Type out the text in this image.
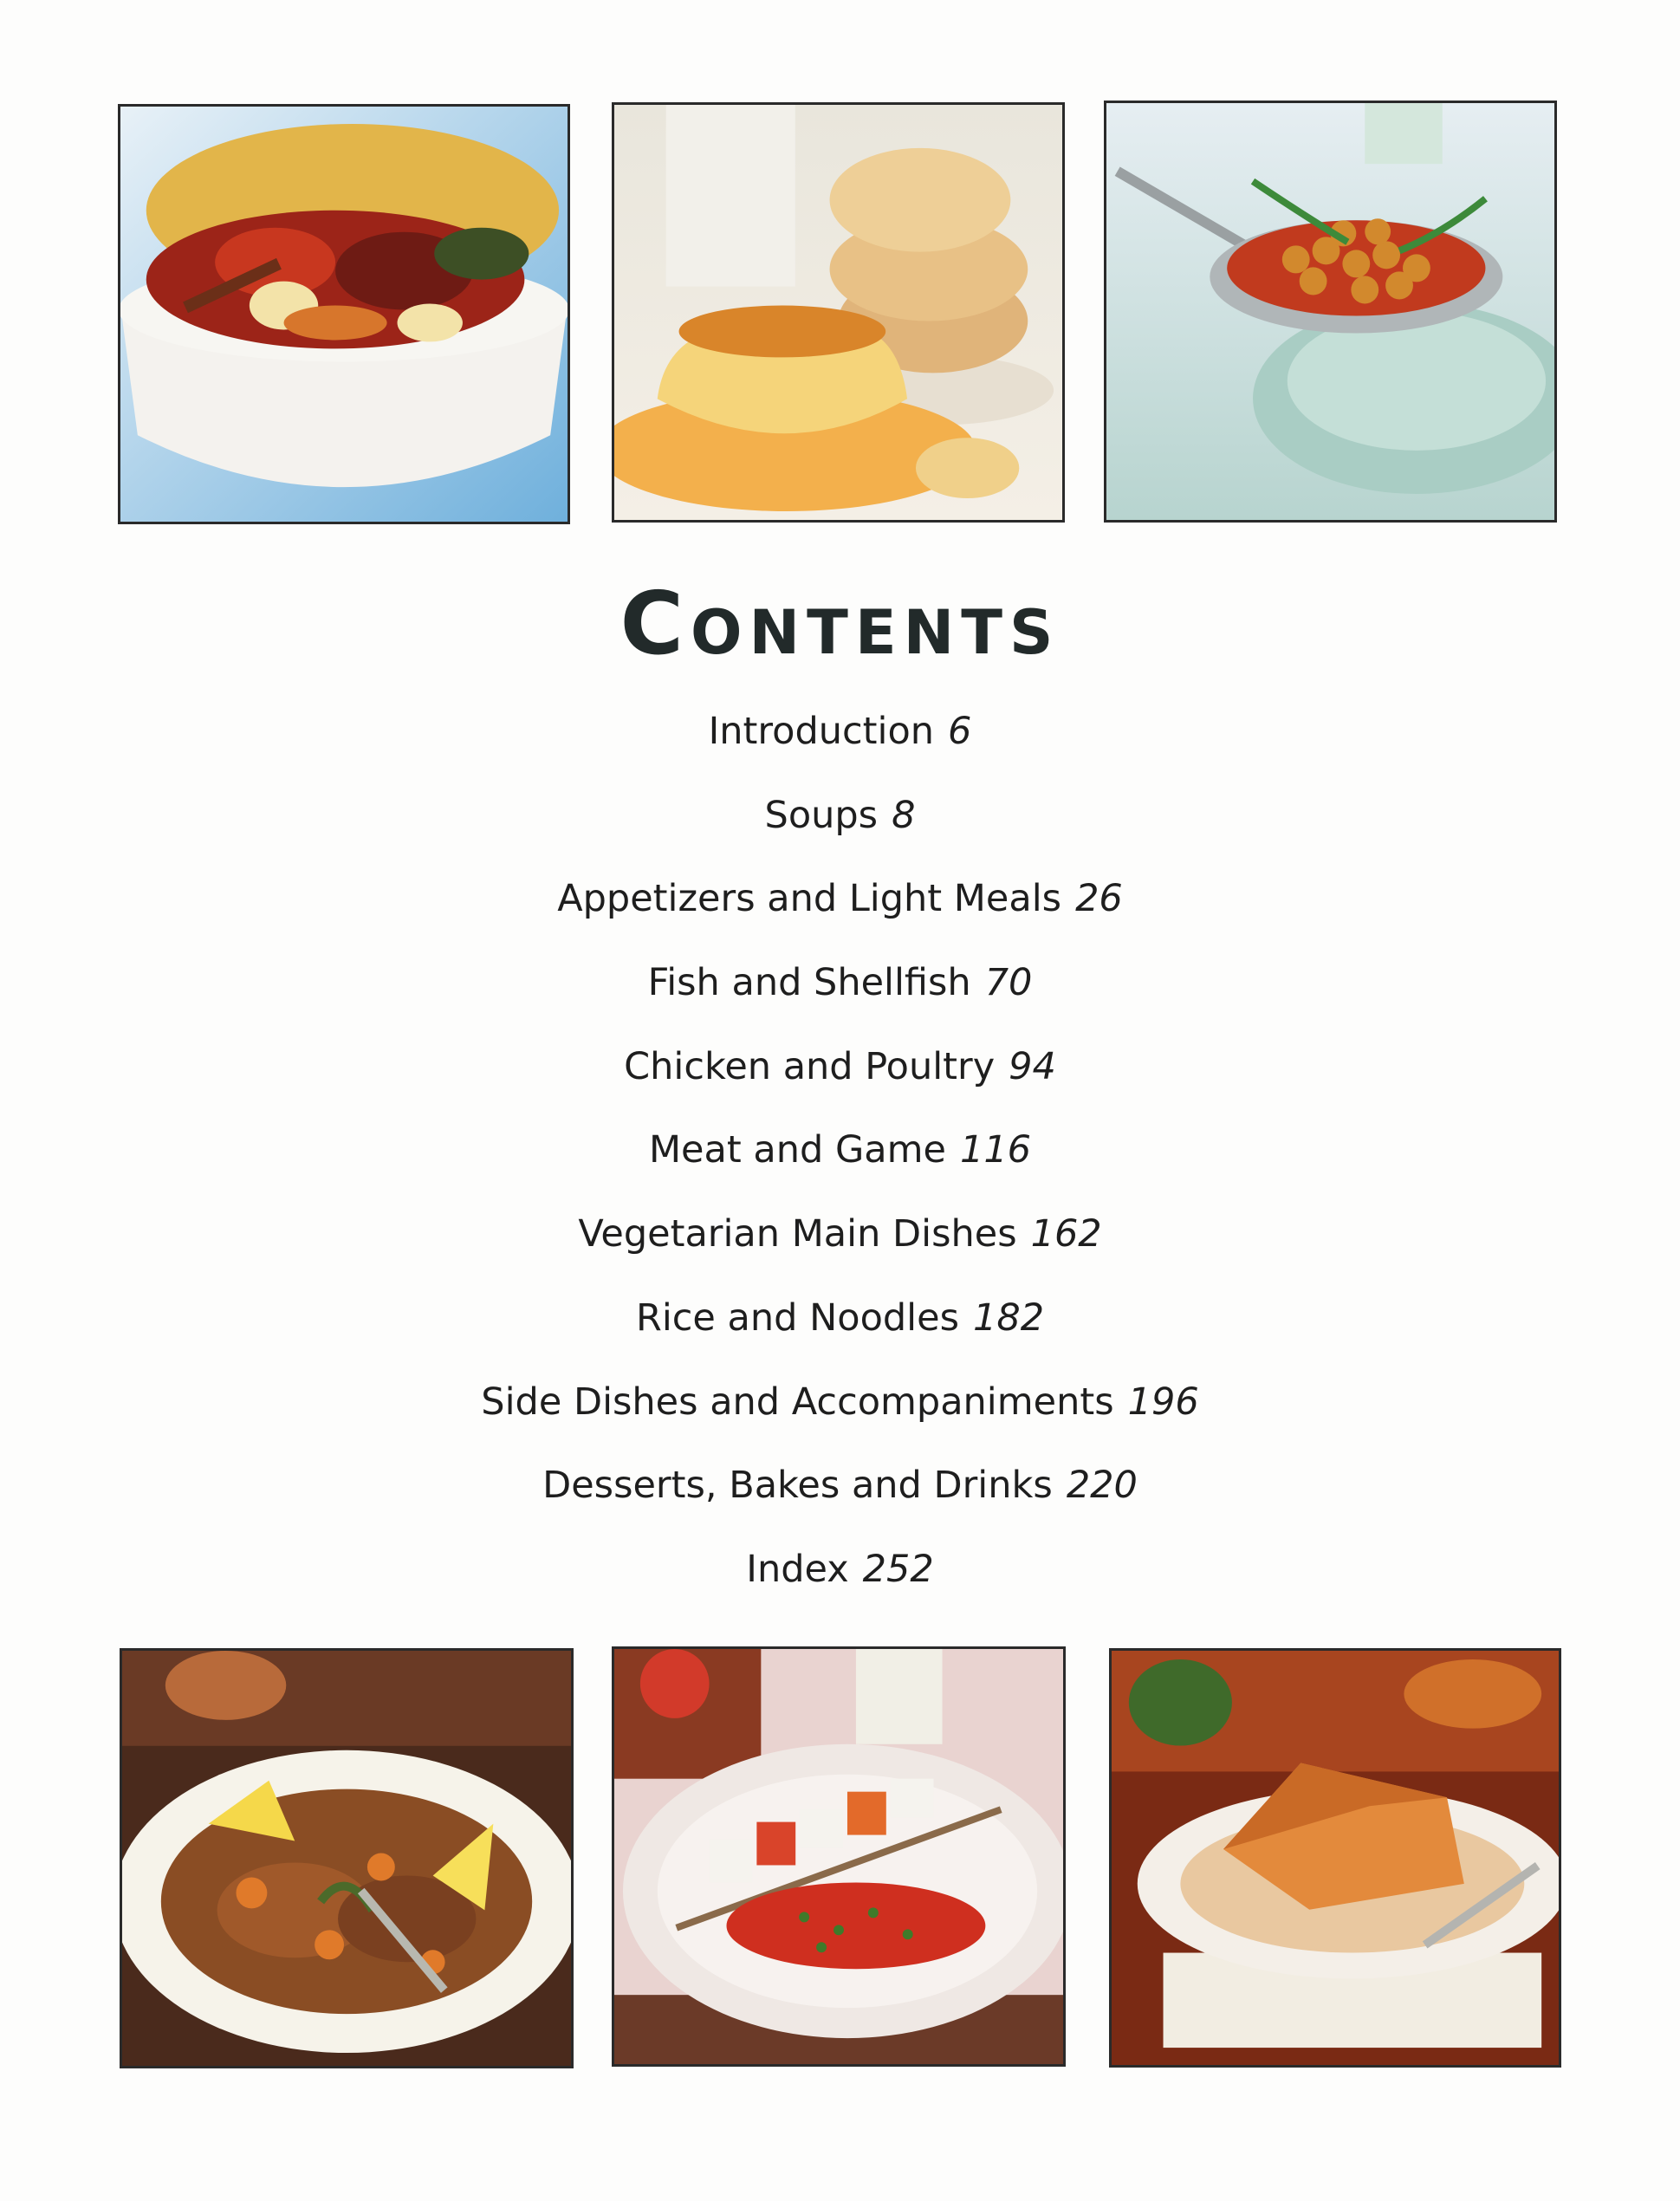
Contents
Introduction 6
Soups 8
Appetizers and Light Meals 26
Fish and Shellfish 70
Chicken and Poultry 94
Meat and Game 116
Vegetarian Main Dishes 162
Rice and Noodles 182
Side Dishes and Accompaniments 196
Desserts, Bakes and Drinks 220
Index 252
